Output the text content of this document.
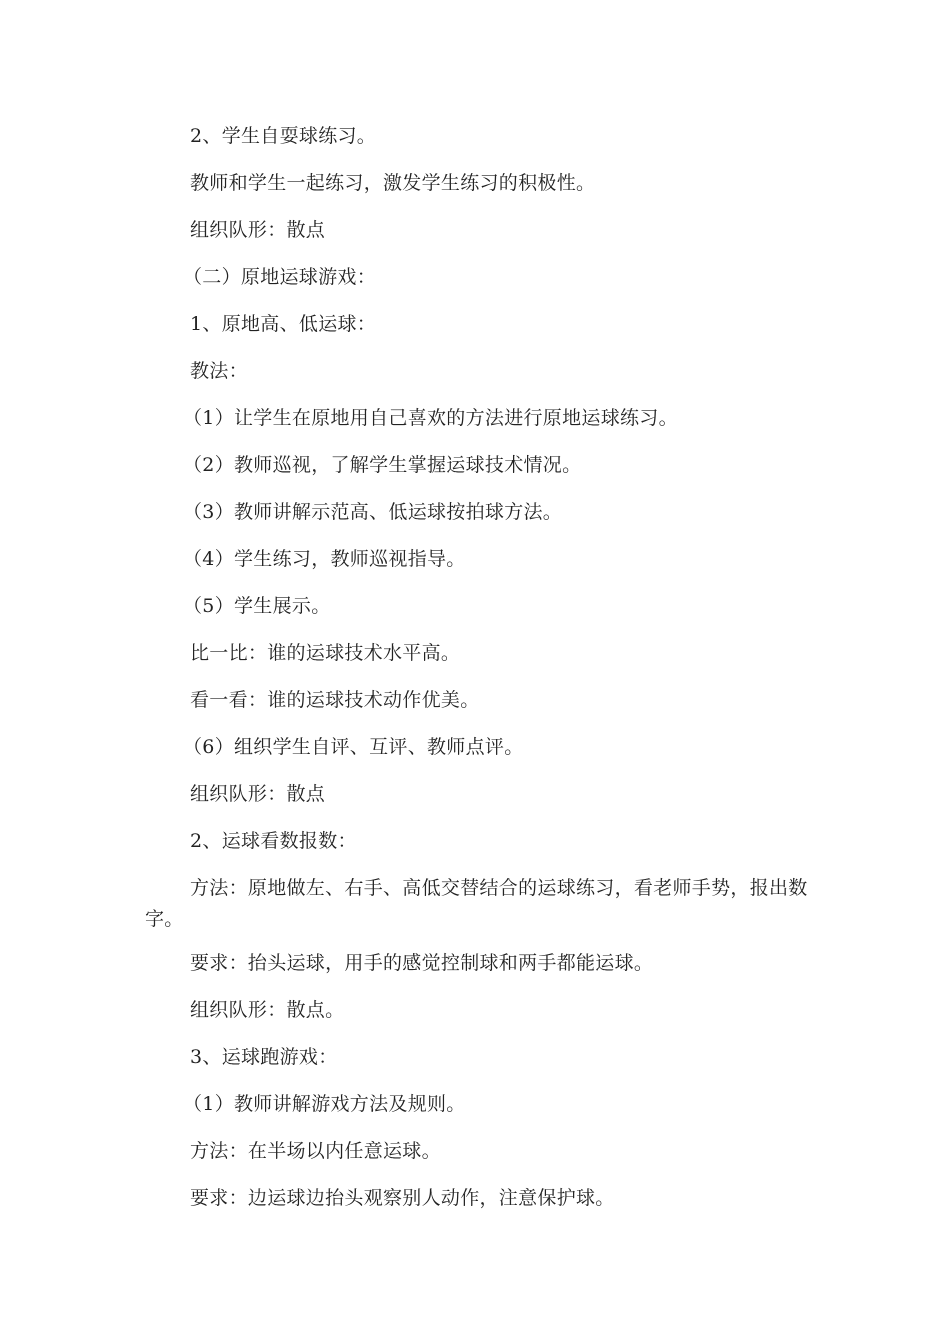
2、学生自耍球练习。

教师和学生一起练习，激发学生练习的积极性。

组织队形：散点

（二）原地运球游戏：

1、原地高、低运球：

教法：

（1）让学生在原地用自己喜欢的方法进行原地运球练习。

（2）教师巡视，了解学生掌握运球技术情况。

（3）教师讲解示范高、低运球按拍球方法。

（4）学生练习，教师巡视指导。

（5）学生展示。

比一比：谁的运球技术水平高。

看一看：谁的运球技术动作优美。

（6）组织学生自评、互评、教师点评。

组织队形：散点

2、运球看数报数：

方法：原地做左、右手、高低交替结合的运球练习，看老师手势，报出数字。

要求：抬头运球，用手的感觉控制球和两手都能运球。

组织队形：散点。

3、运球跑游戏：

（1）教师讲解游戏方法及规则。

方法：在半场以内任意运球。

要求：边运球边抬头观察别人动作，注意保护球。
